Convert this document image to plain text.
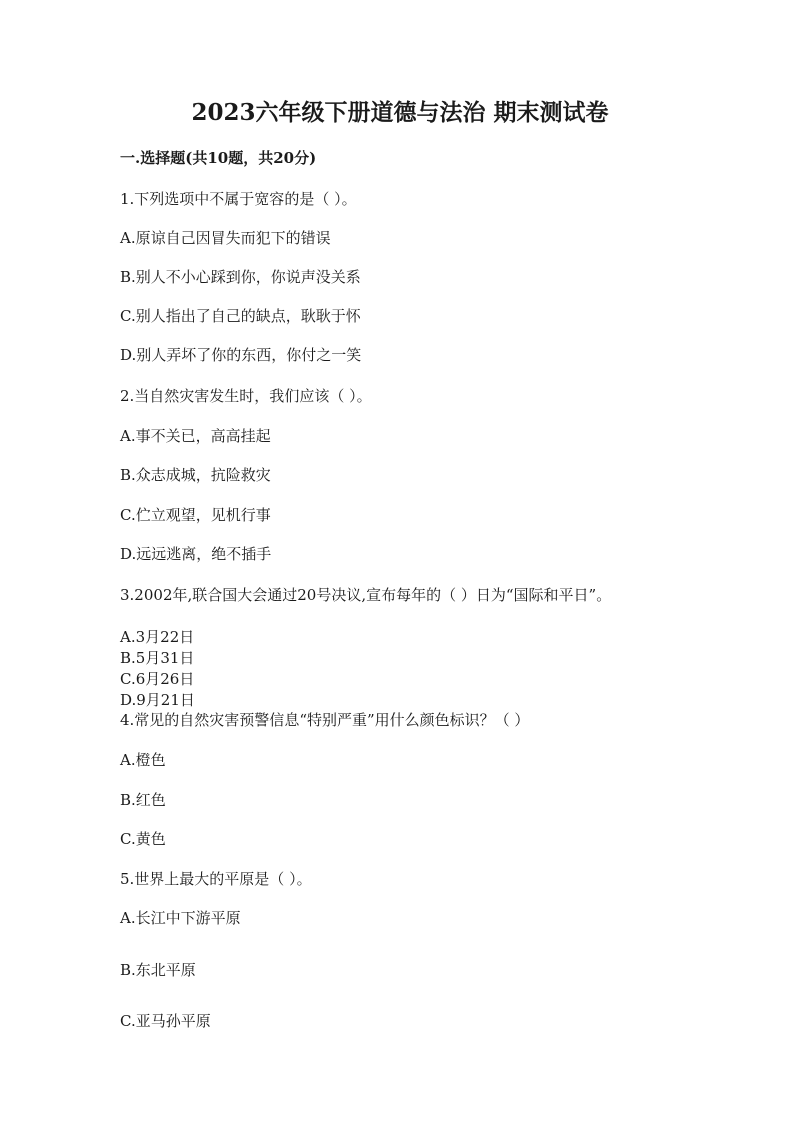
2023六年级下册道德与法治 期末测试卷
一.选择题(共10题，共20分)
1.下列选项中不属于宽容的是（ ）。
A.原谅自己因冒失而犯下的错误
B.别人不小心踩到你，你说声没关系
C.别人指出了自己的缺点，耿耿于怀
D.别人弄坏了你的东西，你付之一笑
2.当自然灾害发生时，我们应该（ ）。
A.事不关已，高高挂起
B.众志成城，抗险救灾
C.伫立观望，见机行事
D.远远逃离，绝不插手
3.2002年,联合国大会通过20号决议,宣布每年的（ ）日为“国际和平日”。
A.3月22日
B.5月31日
C.6月26日
D.9月21日
4.常见的自然灾害预警信息“特别严重”用什么颜色标识？（ ）
A.橙色
B.红色
C.黄色
5.世界上最大的平原是（ ）。
A.长江中下游平原
B.东北平原
C.亚马孙平原
